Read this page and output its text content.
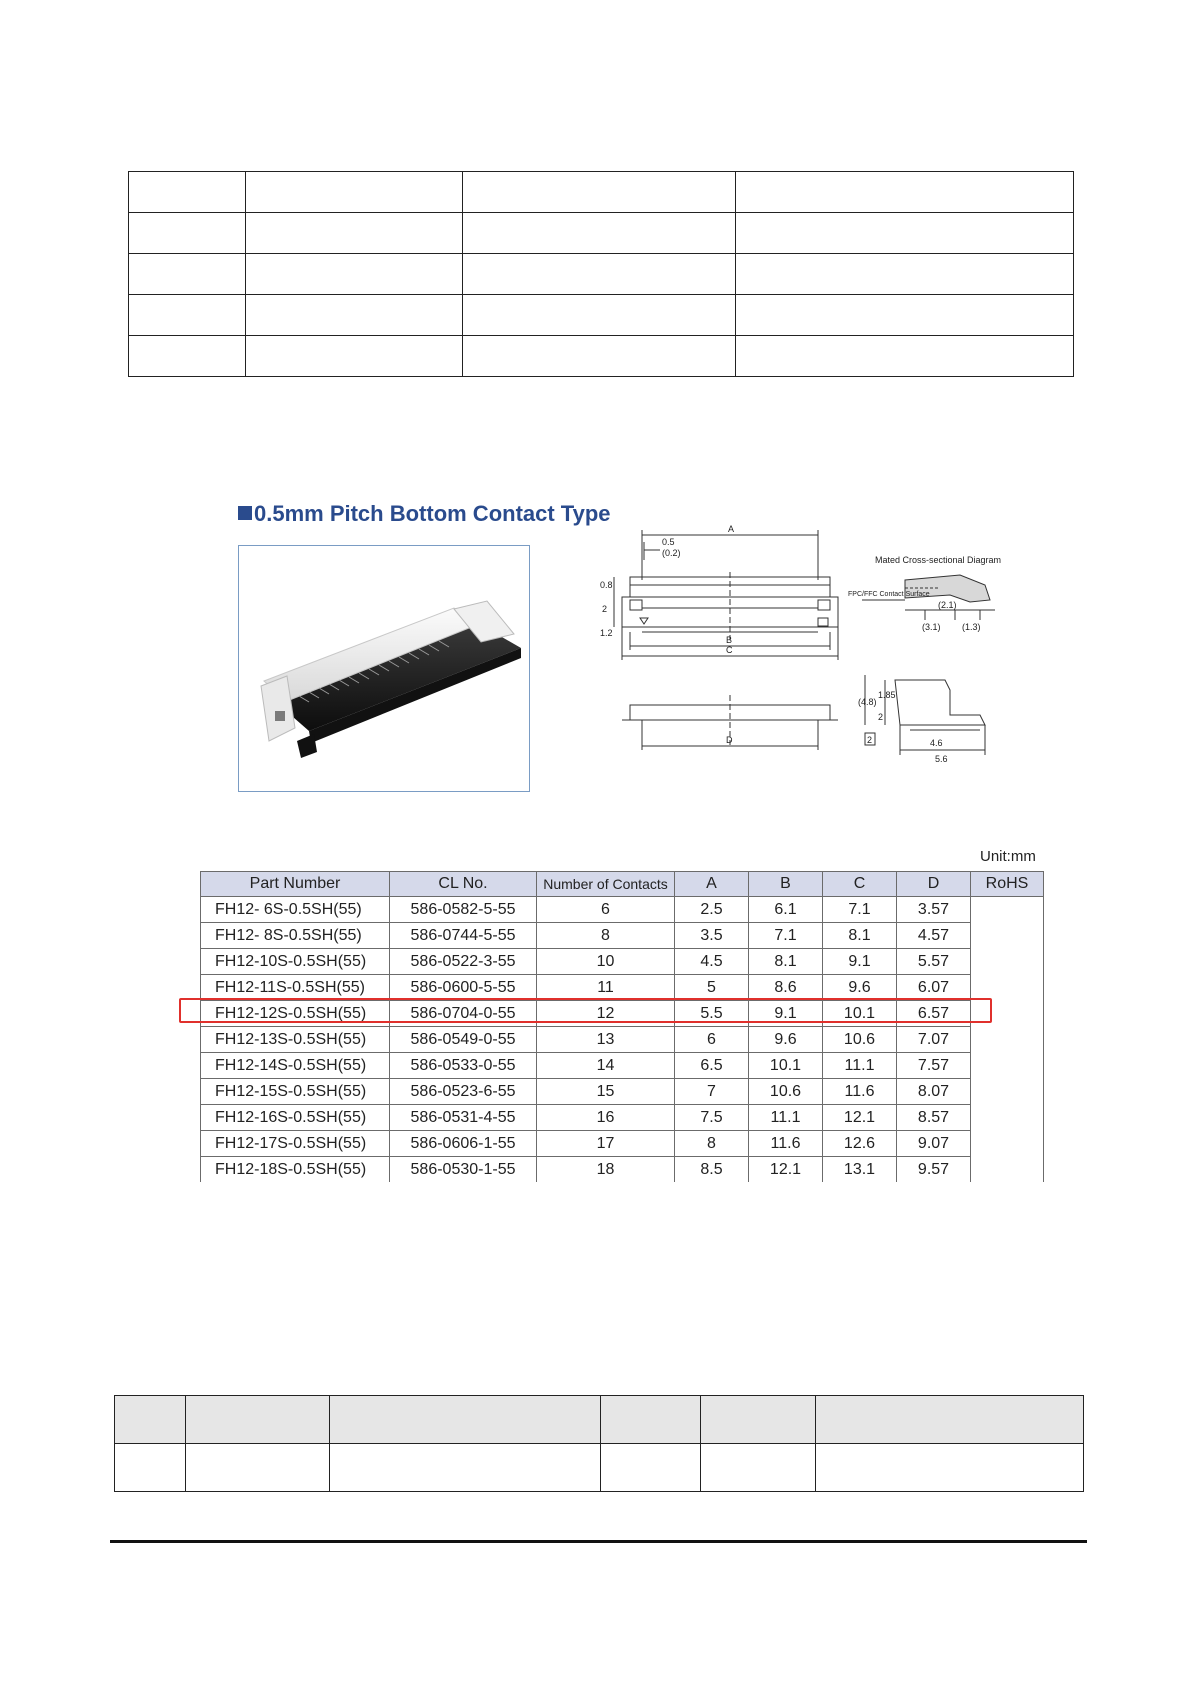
0.5mm Pitch Bottom Contact Type
A
0.5
(0.2)
0.8
2
1.2
B
C
D
Mated Cross-sectional Diagram
FPC/FFC Contact Surface
(2.1)
(3.1) (1.3)
(4.8)
1.85
2
4.6
5.6
2
Unit:mm
Part Number	CL No.	Number of Contacts	A	B	C	D	RoHS
FH12- 6S-0.5SH(55)	586-0582-5-55	6	2.5	6.1	7.1	3.57	
FH12- 8S-0.5SH(55)	586-0744-5-55	8	3.5	7.1	8.1	4.57	
FH12-10S-0.5SH(55)	586-0522-3-55	10	4.5	8.1	9.1	5.57	
FH12-11S-0.5SH(55)	586-0600-5-55	11	5	8.6	9.6	6.07	
FH12-12S-0.5SH(55)	586-0704-0-55	12	5.5	9.1	10.1	6.57	
FH12-13S-0.5SH(55)	586-0549-0-55	13	6	9.6	10.6	7.07	
FH12-14S-0.5SH(55)	586-0533-0-55	14	6.5	10.1	11.1	7.57	
FH12-15S-0.5SH(55)	586-0523-6-55	15	7	10.6	11.6	8.07	
FH12-16S-0.5SH(55)	586-0531-4-55	16	7.5	11.1	12.1	8.57	
FH12-17S-0.5SH(55)	586-0606-1-55	17	8	11.6	12.6	9.07	
FH12-18S-0.5SH(55)	586-0530-1-55	18	8.5	12.1	13.1	9.57	
